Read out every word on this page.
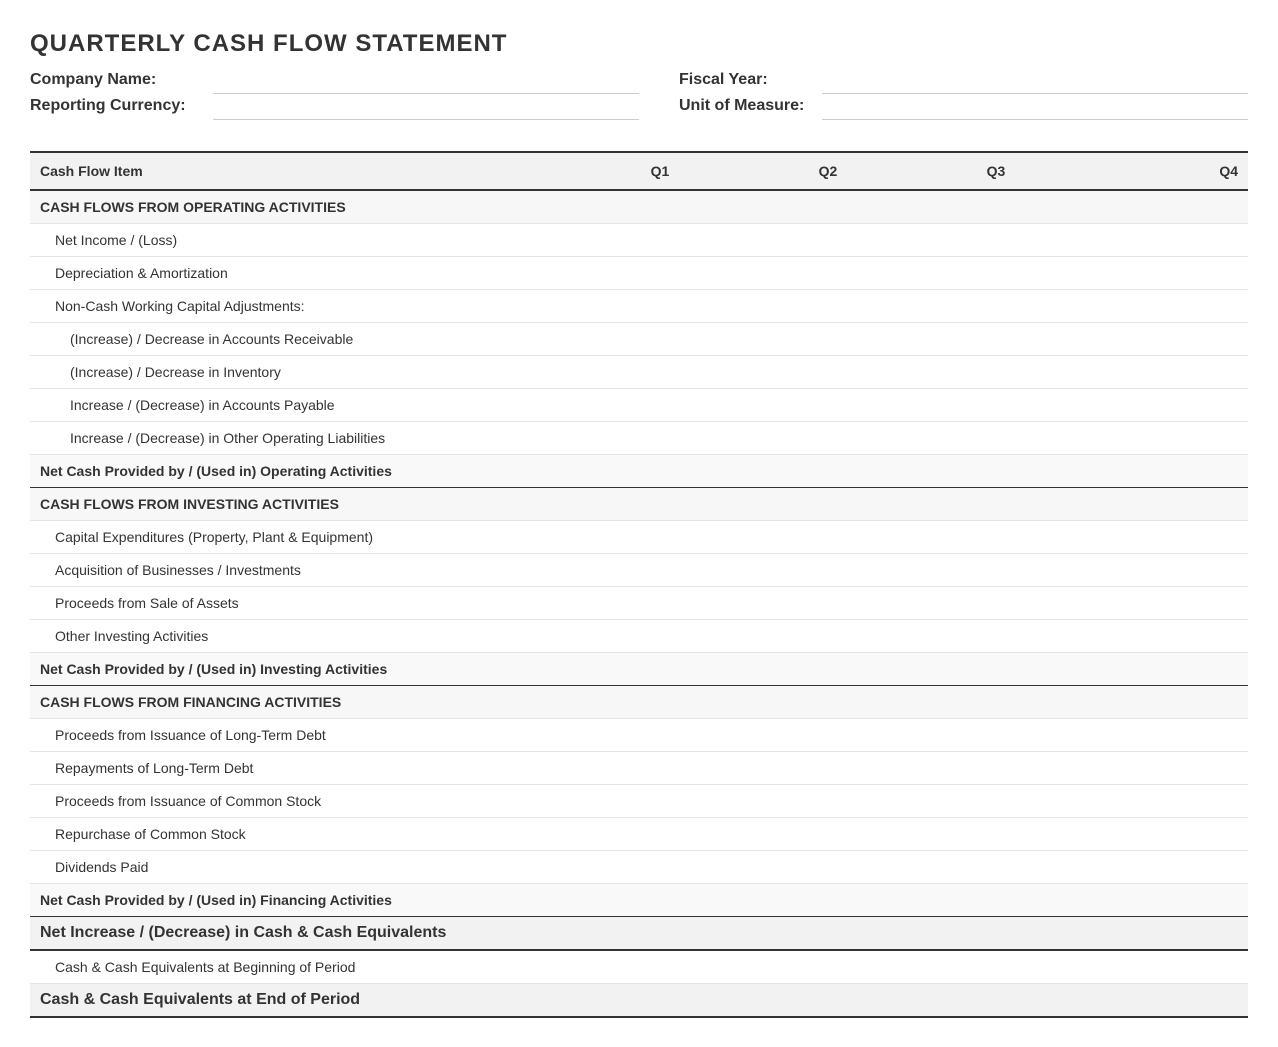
QUARTERLY CASH FLOW STATEMENT
Company Name:
Reporting Currency:
Fiscal Year:
Unit of Measure:
Cash Flow Item	Q1	Q2	Q3	Q4
CASH FLOWS FROM OPERATING ACTIVITIES				
Net Income / (Loss)				
Depreciation & Amortization				
Non-Cash Working Capital Adjustments:				
(Increase) / Decrease in Accounts Receivable				
(Increase) / Decrease in Inventory				
Increase / (Decrease) in Accounts Payable				
Increase / (Decrease) in Other Operating Liabilities				
Net Cash Provided by / (Used in) Operating Activities				
CASH FLOWS FROM INVESTING ACTIVITIES				
Capital Expenditures (Property, Plant & Equipment)				
Acquisition of Businesses / Investments				
Proceeds from Sale of Assets				
Other Investing Activities				
Net Cash Provided by / (Used in) Investing Activities				
CASH FLOWS FROM FINANCING ACTIVITIES				
Proceeds from Issuance of Long-Term Debt				
Repayments of Long-Term Debt				
Proceeds from Issuance of Common Stock				
Repurchase of Common Stock				
Dividends Paid				
Net Cash Provided by / (Used in) Financing Activities				
Net Increase / (Decrease) in Cash & Cash Equivalents				
Cash & Cash Equivalents at Beginning of Period				
Cash & Cash Equivalents at End of Period				
